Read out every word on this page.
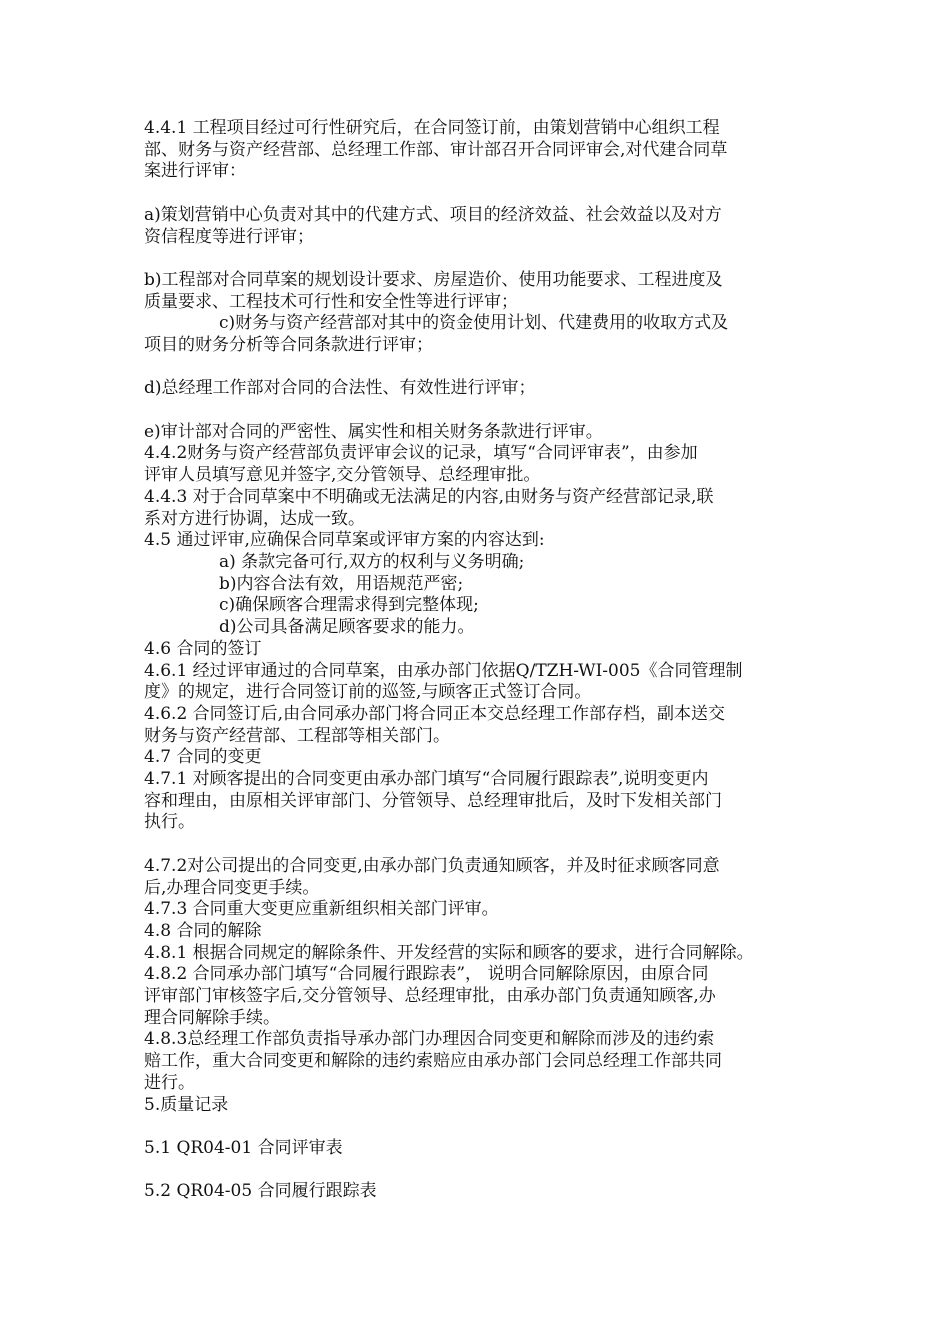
4.4.1 工程项目经过可行性研究后，在合同签订前，由策划营销中心组织工程
部、财务与资产经营部、总经理工作部、审计部召开合同评审会,对代建合同草
案进行评审：
a)策划营销中心负责对其中的代建方式、项目的经济效益、社会效益以及对方
资信程度等进行评审；
b)工程部对合同草案的规划设计要求、房屋造价、使用功能要求、工程进度及
质量要求、工程技术可行性和安全性等进行评审；
c)财务与资产经营部对其中的资金使用计划、代建费用的收取方式及
项目的财务分析等合同条款进行评审；
d)总经理工作部对合同的合法性、有效性进行评审；
e)审计部对合同的严密性、属实性和相关财务条款进行评审。
4.4.2财务与资产经营部负责评审会议的记录，填写“合同评审表”，由参加
评审人员填写意见并签字,交分管领导、总经理审批。
4.4.3 对于合同草案中不明确或无法满足的内容,由财务与资产经营部记录,联
系对方进行协调，达成一致。
4.5 通过评审,应确保合同草案或评审方案的内容达到:
a) 条款完备可行,双方的权利与义务明确;
b)内容合法有效，用语规范严密;
c)确保顾客合理需求得到完整体现;
d)公司具备满足顾客要求的能力。
4.6 合同的签订
4.6.1 经过评审通过的合同草案，由承办部门依据Q/TZH-WI-005《合同管理制
度》的规定，进行合同签订前的巡签,与顾客正式签订合同。
4.6.2 合同签订后,由合同承办部门将合同正本交总经理工作部存档，副本送交
财务与资产经营部、工程部等相关部门。
4.7 合同的变更
4.7.1 对顾客提出的合同变更由承办部门填写“合同履行跟踪表”,说明变更内
容和理由，由原相关评审部门、分管领导、总经理审批后，及时下发相关部门
执行。
4.7.2对公司提出的合同变更,由承办部门负责通知顾客，并及时征求顾客同意
后,办理合同变更手续。
4.7.3 合同重大变更应重新组织相关部门评审。
4.8 合同的解除
4.8.1 根据合同规定的解除条件、开发经营的实际和顾客的要求，进行合同解除。
4.8.2 合同承办部门填写“合同履行跟踪表”， 说明合同解除原因，由原合同
评审部门审核签字后,交分管领导、总经理审批，由承办部门负责通知顾客,办
理合同解除手续。
4.8.3总经理工作部负责指导承办部门办理因合同变更和解除而涉及的违约索
赔工作，重大合同变更和解除的违约索赔应由承办部门会同总经理工作部共同
进行。
5.质量记录
5.1 QR04-01 合同评审表
5.2 QR04-05 合同履行跟踪表
